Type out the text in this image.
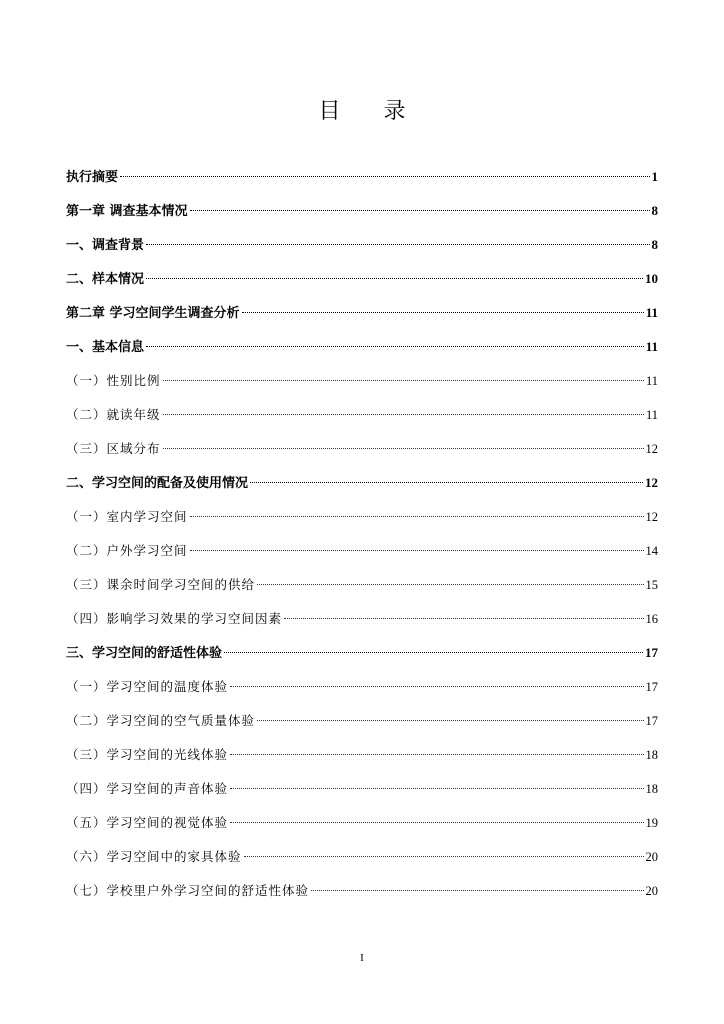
目 录
执行摘要	1
第一章 调查基本情况	8
一、调查背景	8
二、样本情况	10
第二章 学习空间学生调查分析	11
一、基本信息	11
（一）性别比例	11
（二）就读年级	11
（三）区域分布	12
二、学习空间的配备及使用情况	12
（一）室内学习空间	12
（二）户外学习空间	14
（三）课余时间学习空间的供给	15
（四）影响学习效果的学习空间因素	16
三、学习空间的舒适性体验	17
（一）学习空间的温度体验	17
（二）学习空间的空气质量体验	17
（三）学习空间的光线体验	18
（四）学习空间的声音体验	18
（五）学习空间的视觉体验	19
（六）学习空间中的家具体验	20
（七）学校里户外学习空间的舒适性体验	20
I
